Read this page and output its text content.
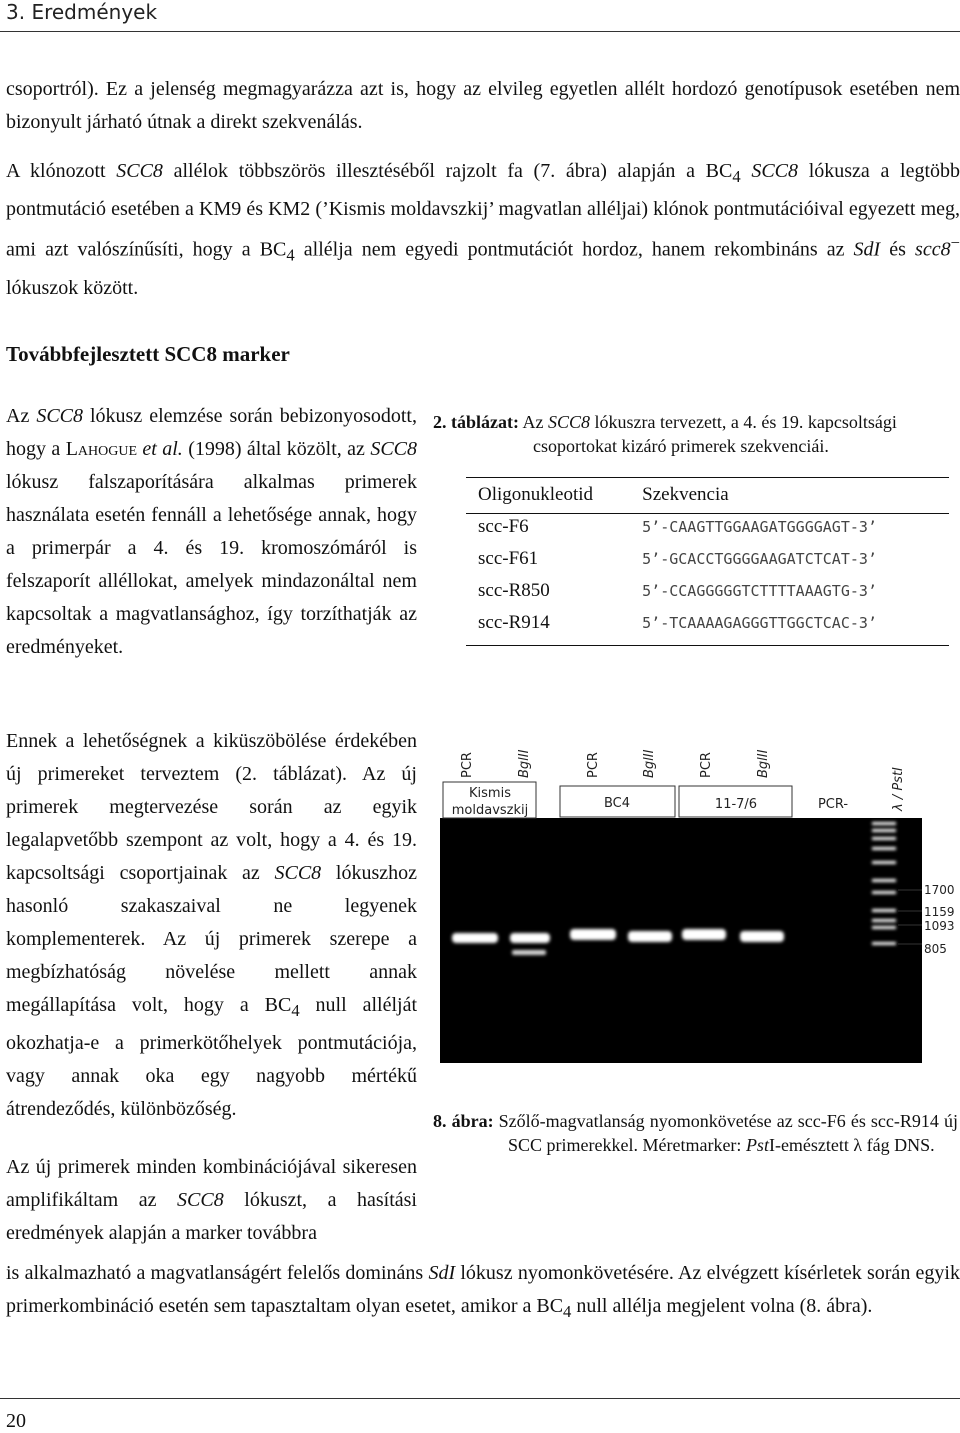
3. Eredmények

csoportról). Ez a jelenség megmagyarázza azt is, hogy az elvileg egyetlen allélt hordozó genotípusok esetében nem bizonyult járható útnak a direkt szekvenálás.

A klónozott SCC8 allélok többszörös illesztéséből rajzolt fa (7. ábra) alapján a $BC_4$ SCC8 lókusza a legtöbb pontmutáció esetében a KM9 és KM2 (’Kismis moldavszkij’ magvatlan alléljai) klónok pontmutációival egyezett meg, ami azt valószínűsíti, hogy a $BC_4$ allélja nem egyedi pontmutációt hordoz, hanem rekombináns az SdI és scc8− lókuszok között.

Továbbfejlesztett SCC8 marker

Az SCC8 lókusz elemzése során bebizonyosodott, hogy a Lahogue et al. (1998) által közölt, az SCC8 lókusz falszaporítására alkalmas primerek használata esetén fennáll a lehetősége annak, hogy a primerpár a 4. és 19. kromoszómáról is felszaporít alléllokat, amelyek mindazonáltal nem kapcsoltak a magvatlansághoz, így torzíthatják az eredményeket.

Ennek a lehetőségnek a kiküszöbölése érdekében új primereket terveztem (2. táblázat). Az új primerek megtervezése során az egyik legalapvetőbb szempont az volt, hogy a 4. és 19. kapcsoltsági csoportjainak az SCC8 lókuszhoz hasonló szakaszaival ne legyenek komplementerek. Az új primerek szerepe a megbízhatóság növelése mellett annak megállapítása volt, hogy a $BC_4$ null allélját okozhatja-e a primerkötőhelyek pontmutációja, vagy annak oka egy nagyobb mértékű átrendeződés, különbözőség.

Az új primerek minden kombinációjával sikeresen amplifikáltam az SCC8 lókuszt, a hasítási eredmények alapján a marker továbbra

2. táblázat: Az SCC8 lókuszra tervezett, a 4. és 19. kapcsoltsági csoportokat kizáró primerek szekvenciái.

Oligonukleotid	Szekvencia
scc-F6	5’-CAAGTTGGAAGATGGGGAGT-3’
scc-F61	5’-GCACCTGGGGAAGATCTCAT-3’
scc-R850	5’-CCAGGGGGTCTTTTAAAGTG-3’
scc-R914	5’-TCAAAAGAGGGTTGGCTCAC-3’
PCR	BglII	PCR	BglII	PCR	BglII
λ / PstI
Kismis
moldavszkij	BC4	11-7/6	PCR-
1700
1159
1093
805

8. ábra: Szőlő-magvatlanság nyomonkövetése az scc-F6 és scc-R914 új SCC primerekkel. Méretmarker: PstI-emésztett λ fág DNS.

is alkalmazható a magvatlanságért felelős domináns SdI lókusz nyomonkövetésére. Az elvégzett kísérletek során egyik primerkombináció esetén sem tapasztaltam olyan esetet, amikor a $BC_4$ null allélja megjelent volna (8. ábra).

20
